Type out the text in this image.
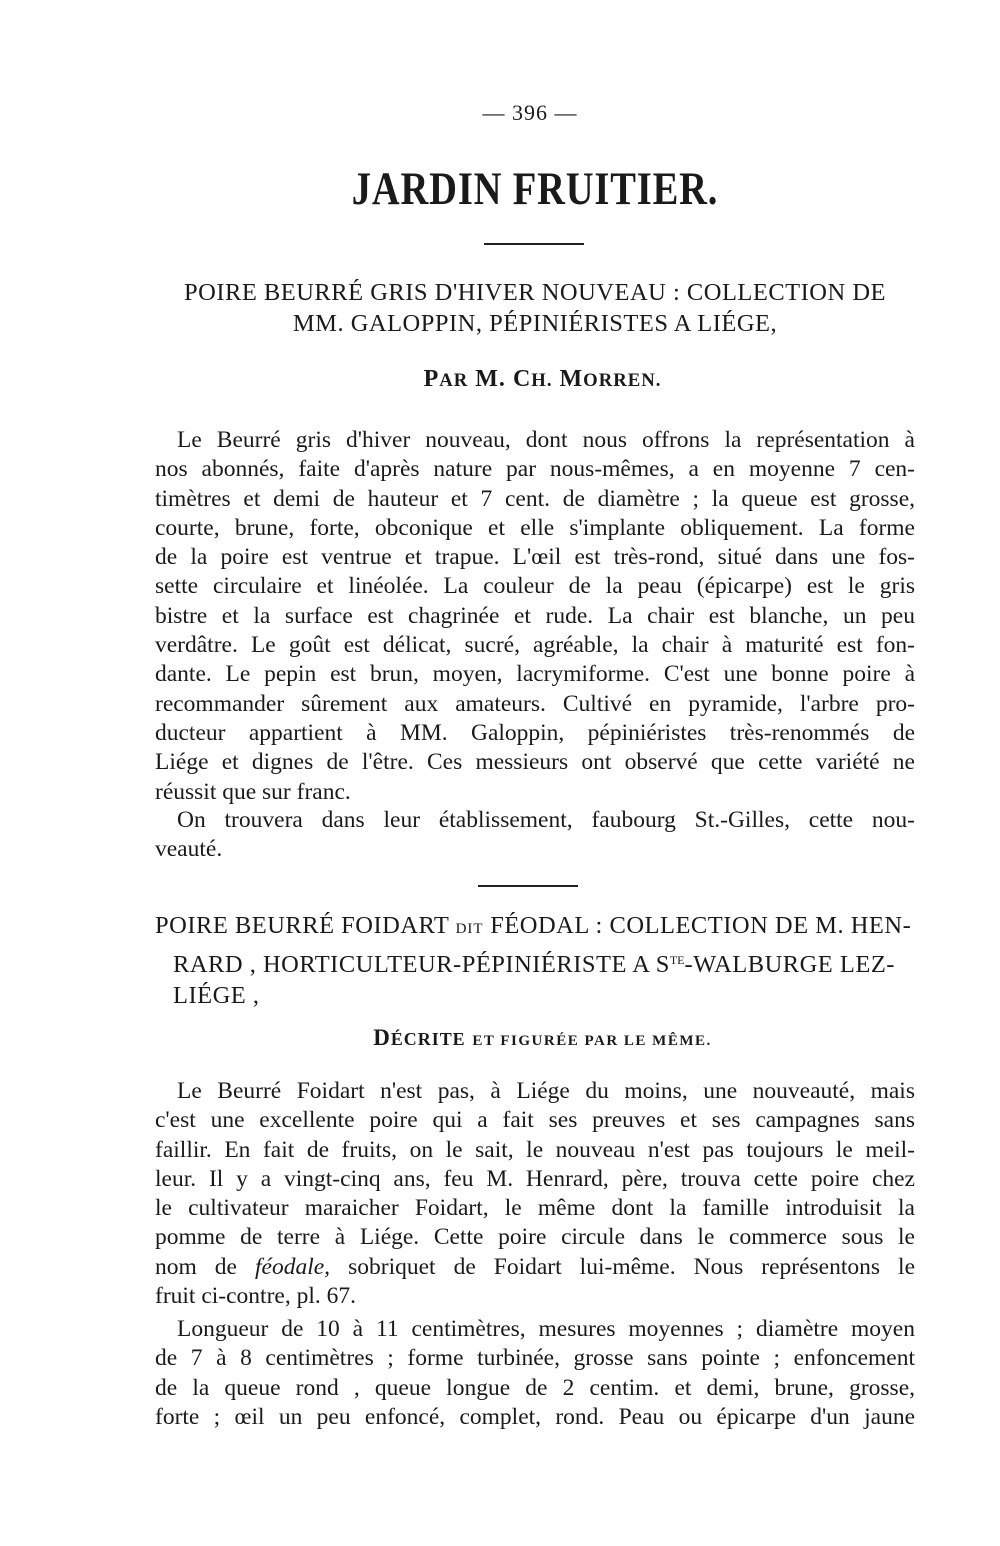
— 396 —
JARDIN FRUITIER.
POIRE BEURRÉ GRIS D'HIVER NOUVEAU : COLLECTION DE
MM. GALOPPIN, PÉPINIÉRISTES A LIÉGE,
PAR M. CH. MORREN.
Le Beurré gris d'hiver nouveau, dont nous offrons la représentation à
nos abonnés, faite d'après nature par nous-mêmes, a en moyenne 7 cen-
timètres et demi de hauteur et 7 cent. de diamètre ; la queue est grosse,
courte, brune, forte, obconique et elle s'implante obliquement. La forme
de la poire est ventrue et trapue. L'œil est très-rond, situé dans une fos-
sette circulaire et linéolée. La couleur de la peau (épicarpe) est le gris
bistre et la surface est chagrinée et rude. La chair est blanche, un peu
verdâtre. Le goût est délicat, sucré, agréable, la chair à maturité est fon-
dante. Le pepin est brun, moyen, lacrymiforme. C'est une bonne poire à
recommander sûrement aux amateurs. Cultivé en pyramide, l'arbre pro-
ducteur appartient à MM. Galoppin, pépiniéristes très-renommés de
Liége et dignes de l'être. Ces messieurs ont observé que cette variété ne
réussit que sur franc.
On trouvera dans leur établissement, faubourg St.-Gilles, cette nou-
veauté.
POIRE BEURRÉ FOIDART DIT FÉODAL : COLLECTION DE M. HEN-
RARD , HORTICULTEUR-PÉPINIÉRISTE A $S^{TE}$-WALBURGE LEZ-
LIÉGE ,
DÉCRITE ET FIGURÉE PAR LE MÊME.
Le Beurré Foidart n'est pas, à Liége du moins, une nouveauté, mais
c'est une excellente poire qui a fait ses preuves et ses campagnes sans
faillir. En fait de fruits, on le sait, le nouveau n'est pas toujours le meil-
leur. Il y a vingt-cinq ans, feu M. Henrard, père, trouva cette poire chez
le cultivateur maraicher Foidart, le même dont la famille introduisit la
pomme de terre à Liége. Cette poire circule dans le commerce sous le
nom de féodale, sobriquet de Foidart lui-même. Nous représentons le
fruit ci-contre, pl. 67.
Longueur de 10 à 11 centimètres, mesures moyennes ; diamètre moyen
de 7 à 8 centimètres ; forme turbinée, grosse sans pointe ; enfoncement
de la queue rond , queue longue de 2 centim. et demi, brune, grosse,
forte ; œil un peu enfoncé, complet, rond. Peau ou épicarpe d'un jaune
